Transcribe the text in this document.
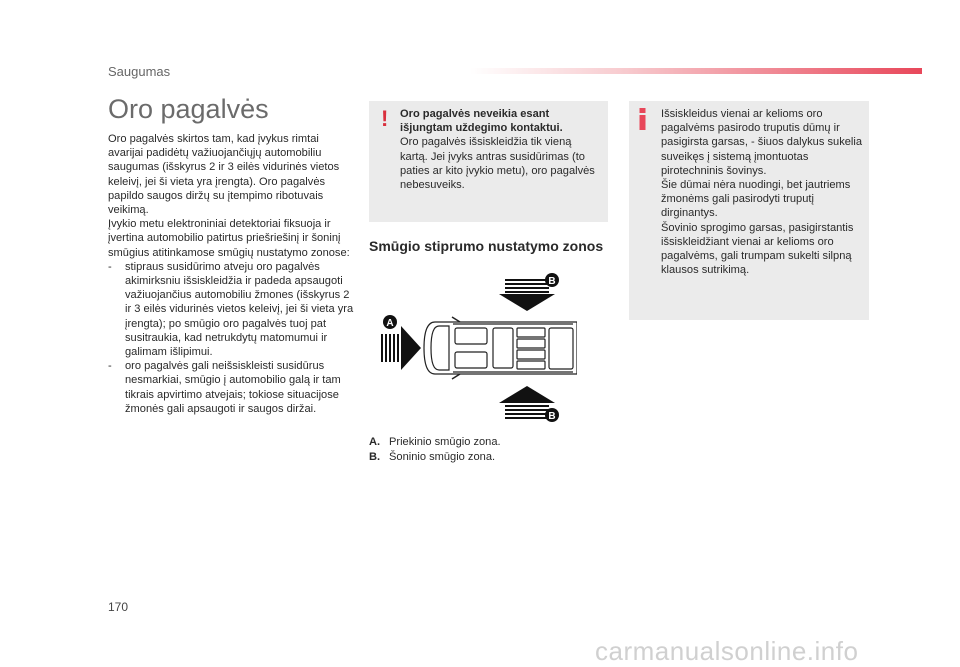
Saugumas
Oro pagalvės

Oro pagalvės skirtos tam, kad įvykus rimtai avarijai padidėtų važiuojančiųjų automobiliu saugumas (išskyrus 2 ir 3 eilės vidurinės vietos keleivį, jei ši vieta yra įrengta). Oro pagalvės papildo saugos diržų su įtempimo ribotuvais veikimą.

Įvykio metu elektroniniai detektoriai fiksuoja ir įvertina automobilio patirtus priešriešinį ir šoninį smūgius atitinkamose smūgių nustatymo zonose:

-	stipraus susidūrimo atveju oro pagalvės akimirksniu išsiskleidžia ir padeda apsaugoti važiuojančius automobiliu žmones (išskyrus 2 ir 3 eilės vidurinės vietos keleivį, jei ši vieta yra įrengta); po smūgio oro pagalvės tuoj pat susitraukia, kad netrukdytų matomumui ir galimam išlipimui.
-	oro pagalvės gali neišsiskleisti susidūrus nesmarkiai, smūgio į automobilio galą ir tam tikrais apvirtimo atvejais; tokiose situacijose žmonės gali apsaugoti ir saugos diržai.
! Oro pagalvės neveikia esant išjungtam uždegimo kontaktui.
Oro pagalvės išsiskleidžia tik vieną kartą. Jei įvyks antras susidūrimas (to paties ar kito įvykio metu), oro pagalvės nebesuveiks.
Išsiskleidus vienai ar kelioms oro pagalvėms pasirodo truputis dūmų ir pasigirsta garsas, - šiuos dalykus sukelia suveikęs į sistemą įmontuotas pirotechninis šovinys.
Šie dūmai nėra nuodingi, bet jautriems žmonėms gali pasirodyti truputį dirginantys.
Šovinio sprogimo garsas, pasigirstantis išsiskleidžiant vienai ar kelioms oro pagalvėms, gali trumpam sukelti silpną klausos sutrikimą.
Smūgio stiprumo nustatymo zonos
B
A
B
A. Priekinio smūgio zona.
B. Šoninio smūgio zona.
170
carmanualsonline.info
